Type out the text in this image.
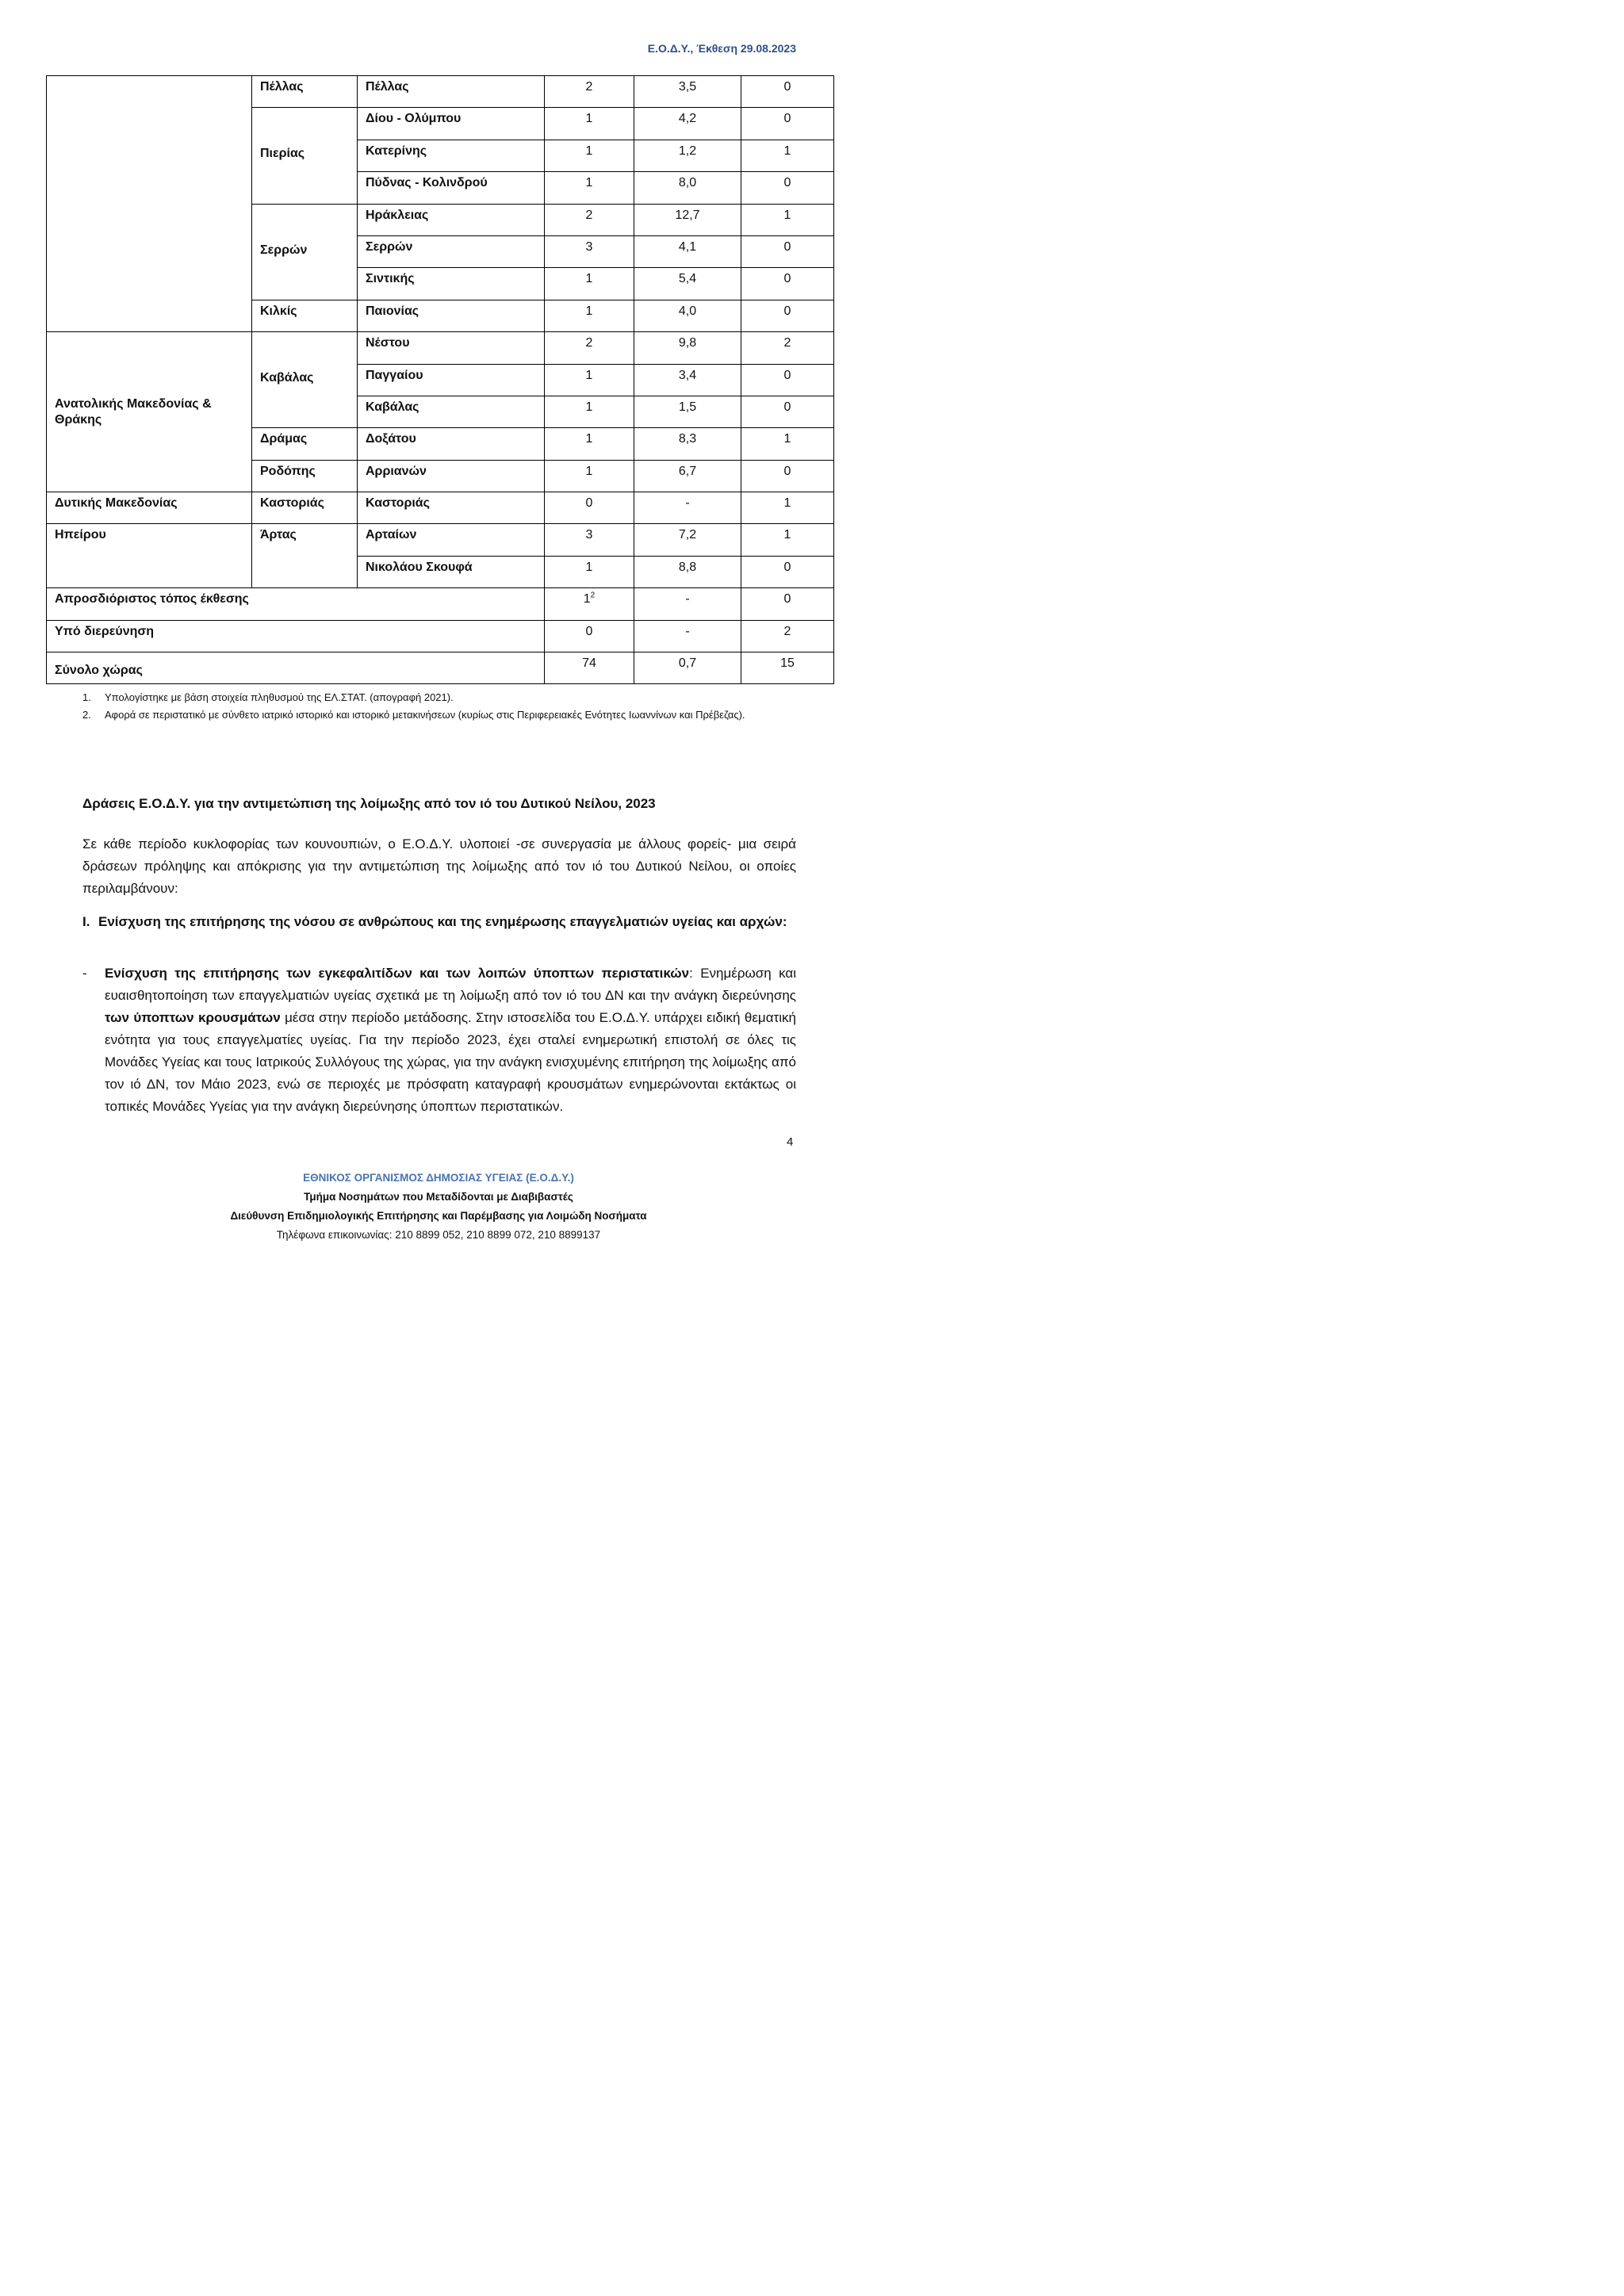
Ε.Ο.Δ.Υ., Έκθεση 29.08.2023
	Πέλλας	Πέλλας	2	3,5	0
	Πιερίας	Δίου - Ολύμπου	1	4,2	0
		Κατερίνης	1	1,2	1
		Πύδνας - Κολινδρού	1	8,0	0
	Σερρών	Ηράκλειας	2	12,7	1
		Σερρών	3	4,1	0
		Σιντικής	1	5,4	0
	Κιλκίς	Παιονίας	1	4,0	0
Ανατολικής Μακεδονίας & Θράκης	Καβάλας	Νέστου	2	9,8	2
		Παγγαίου	1	3,4	0
		Καβάλας	1	1,5	0
	Δράμας	Δοξάτου	1	8,3	1
	Ροδόπης	Αρριανών	1	6,7	0
Δυτικής Μακεδονίας	Καστοριάς	Καστοριάς	0	-	1
Ηπείρου	Άρτας	Αρταίων	3	7,2	1
		Νικολάου Σκουφά	1	8,8	0
Απροσδιόριστος τόπος έκθεσης			$1^2$	-	0
Υπό διερεύνηση			0	-	2
Σύνολο χώρας			74	0,7	15
1.	Υπολογίστηκε με βάση στοιχεία πληθυσμού της ΕΛ.ΣΤΑΤ. (απογραφή 2021).
2.	Αφορά σε περιστατικό με σύνθετο ιατρικό ιστορικό και ιστορικό μετακινήσεων (κυρίως στις Περιφερειακές Ενότητες Ιωαννίνων και Πρέβεζας).
Δράσεις Ε.Ο.Δ.Υ. για την αντιμετώπιση της λοίμωξης από τον ιό του Δυτικού Νείλου, 2023
Σε κάθε περίοδο κυκλοφορίας των κουνουπιών, ο Ε.Ο.Δ.Υ. υλοποιεί -σε συνεργασία με άλλους φορείς- μια σειρά δράσεων πρόληψης και απόκρισης για την αντιμετώπιση της λοίμωξης από τον ιό του Δυτικού Νείλου, οι οποίες περιλαμβάνουν:
I. Ενίσχυση της επιτήρησης της νόσου σε ανθρώπους και της ενημέρωσης επαγγελματιών υγείας και αρχών:
-	Ενίσχυση της επιτήρησης των εγκεφαλιτίδων και των λοιπών ύποπτων περιστατικών: Ενημέρωση και ευαισθητοποίηση των επαγγελματιών υγείας σχετικά με τη λοίμωξη από τον ιό του ΔΝ και την ανάγκη διερεύνησης των ύποπτων κρουσμάτων μέσα στην περίοδο μετάδοσης. Στην ιστοσελίδα του Ε.Ο.Δ.Υ. υπάρχει ειδική θεματική ενότητα για τους επαγγελματίες υγείας. Για την περίοδο 2023, έχει σταλεί ενημερωτική επιστολή σε όλες τις Μονάδες Υγείας και τους Ιατρικούς Συλλόγους της χώρας, για την ανάγκη ενισχυμένης επιτήρηση της λοίμωξης από τον ιό ΔΝ, τον Μάιο 2023, ενώ σε περιοχές με πρόσφατη καταγραφή κρουσμάτων ενημερώνονται εκτάκτως οι τοπικές Μονάδες Υγείας για την ανάγκη διερεύνησης ύποπτων περιστατικών.
4
ΕΘΝΙΚΟΣ ΟΡΓΑΝΙΣΜΟΣ ΔΗΜΟΣΙΑΣ ΥΓΕΙΑΣ (Ε.Ο.Δ.Υ.)
Τμήμα Νοσημάτων που Μεταδίδονται με Διαβιβαστές
Διεύθυνση Επιδημιολογικής Επιτήρησης και Παρέμβασης για Λοιμώδη Νοσήματα
Τηλέφωνα επικοινωνίας: 210 8899 052, 210 8899 072, 210 8899137
